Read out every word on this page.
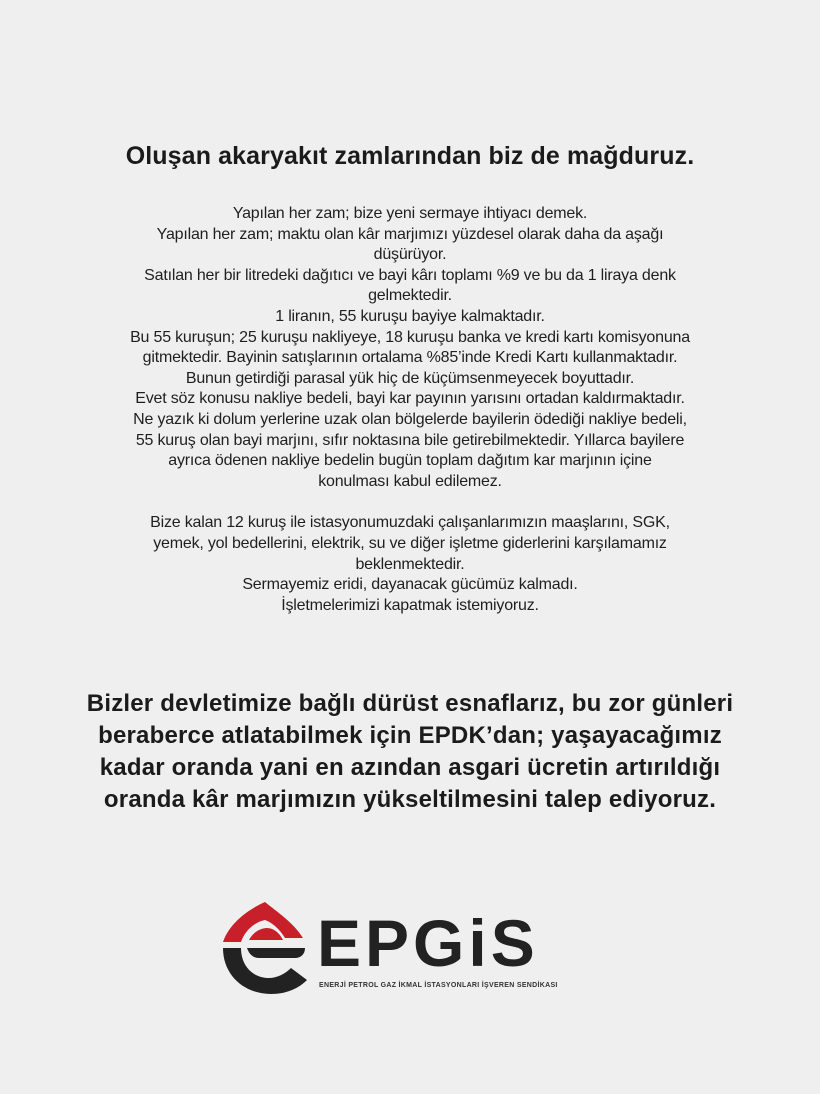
Oluşan akaryakıt zamlarından biz de mağduruz.

Yapılan her zam; bize yeni sermaye ihtiyacı demek.
Yapılan her zam; maktu olan kâr marjımızı yüzdesel olarak daha da aşağı
düşürüyor.
Satılan her bir litredeki dağıtıcı ve bayi kârı toplamı %9 ve bu da 1 liraya denk
gelmektedir.
1 liranın, 55 kuruşu bayiye kalmaktadır.
Bu 55 kuruşun; 25 kuruşu nakliyeye, 18 kuruşu banka ve kredi kartı komisyonuna
gitmektedir. Bayinin satışlarının ortalama %85’inde Kredi Kartı kullanmaktadır.
Bunun getirdiği parasal yük hiç de küçümsenmeyecek boyuttadır.
Evet söz konusu nakliye bedeli, bayi kar payının yarısını ortadan kaldırmaktadır.
Ne yazık ki dolum yerlerine uzak olan bölgelerde bayilerin ödediği nakliye bedeli,
55 kuruş olan bayi marjını, sıfır noktasına bile getirebilmektedir. Yıllarca bayilere
ayrıca ödenen nakliye bedelin bugün toplam dağıtım kar marjının içine
konulması kabul edilemez.

Bize kalan 12 kuruş ile istasyonumuzdaki çalışanlarımızın maaşlarını, SGK,
yemek, yol bedellerini, elektrik, su ve diğer işletme giderlerini karşılamamız
beklenmektedir.
Sermayemiz eridi, dayanacak gücümüz kalmadı.
İşletmelerimizi kapatmak istemiyoruz.

Bizler devletimize bağlı dürüst esnaflarız, bu zor günleri
beraberce atlatabilmek için EPDK’dan; yaşayacağımız
kadar oranda yani en azından asgari ücretin artırıldığı
oranda kâr marjımızın yükseltilmesini talep ediyoruz.
EPGiS
ENERJİ PETROL GAZ İKMAL İSTASYONLARI İŞVEREN SENDİKASI
